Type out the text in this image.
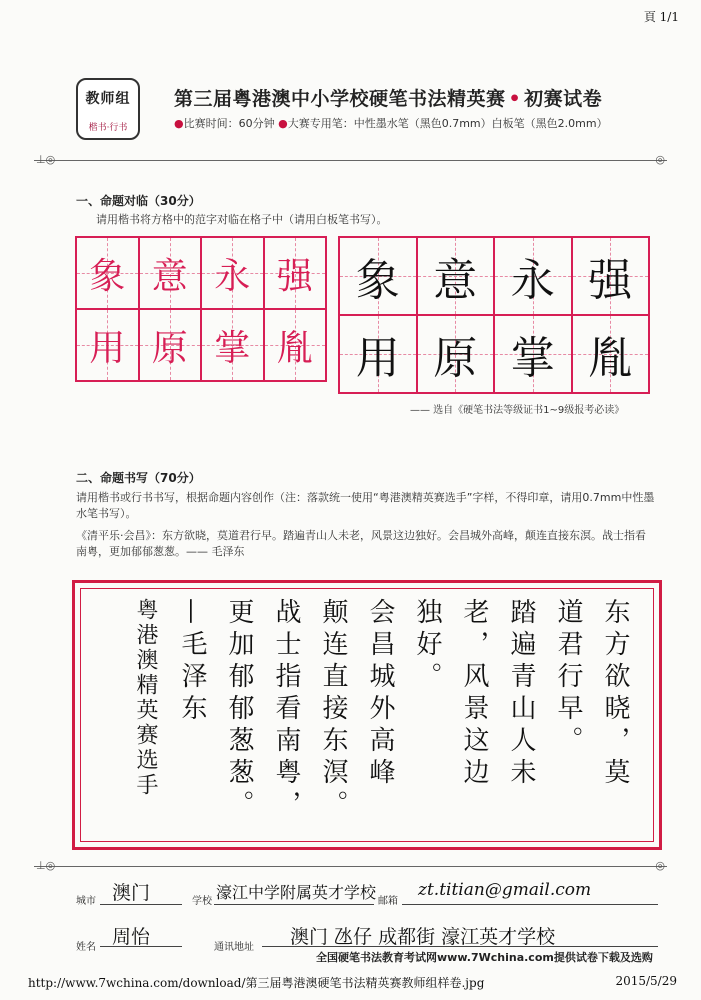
頁 1/1
教师组
楷书·行书
第三届粤港澳中小学校硬笔书法精英赛 • 初赛试卷
●比赛时间：60分钟 ●大赛专用笔：中性墨水笔（黑色0.7mm）白板笔（黑色2.0mm）
⊥◎	◎
一、命题对临（30分）
请用楷书将方格中的范字对临在格子中（请用白板笔书写）。
象 意 永 强
用 原 掌 胤
象 意 永 强
用 原 掌 胤
—— 选自《硬笔书法等级证书1~9级报考必读》
二、命题书写（70分）
请用楷书或行书书写，根据命题内容创作（注：落款统一使用“粤港澳精英赛选手”字样，不得印章，请用0.7mm中性墨水笔书写）。
《清平乐·会昌》：东方欲晓，莫道君行早。踏遍青山人未老，风景这边独好。会昌城外高峰，颠连直接东溟。战士指看南粤，更加郁郁葱葱。—— 毛泽东
东方欲晓，莫
道君行早。
踏遍青山人未
老，风景这边
独好。
会昌城外高峰
颠连直接东溟。
战士指看南粤，
更加郁郁葱葱。
—毛泽东
粤港澳精英赛选手
⊥◎	◎
城市 澳门	学校 濠江中学附属英才学校 邮箱
zt.titian@gmail.com
姓名 周怡	通讯地址 澳门 氹仔 成都街 濠江英才学校
全国硬笔书法教育考试网www.7Wchina.com提供试卷下载及选购
http://www.7wchina.com/download/第三届粤港澳硬笔书法精英赛教师组样卷.jpg	2015/5/29
